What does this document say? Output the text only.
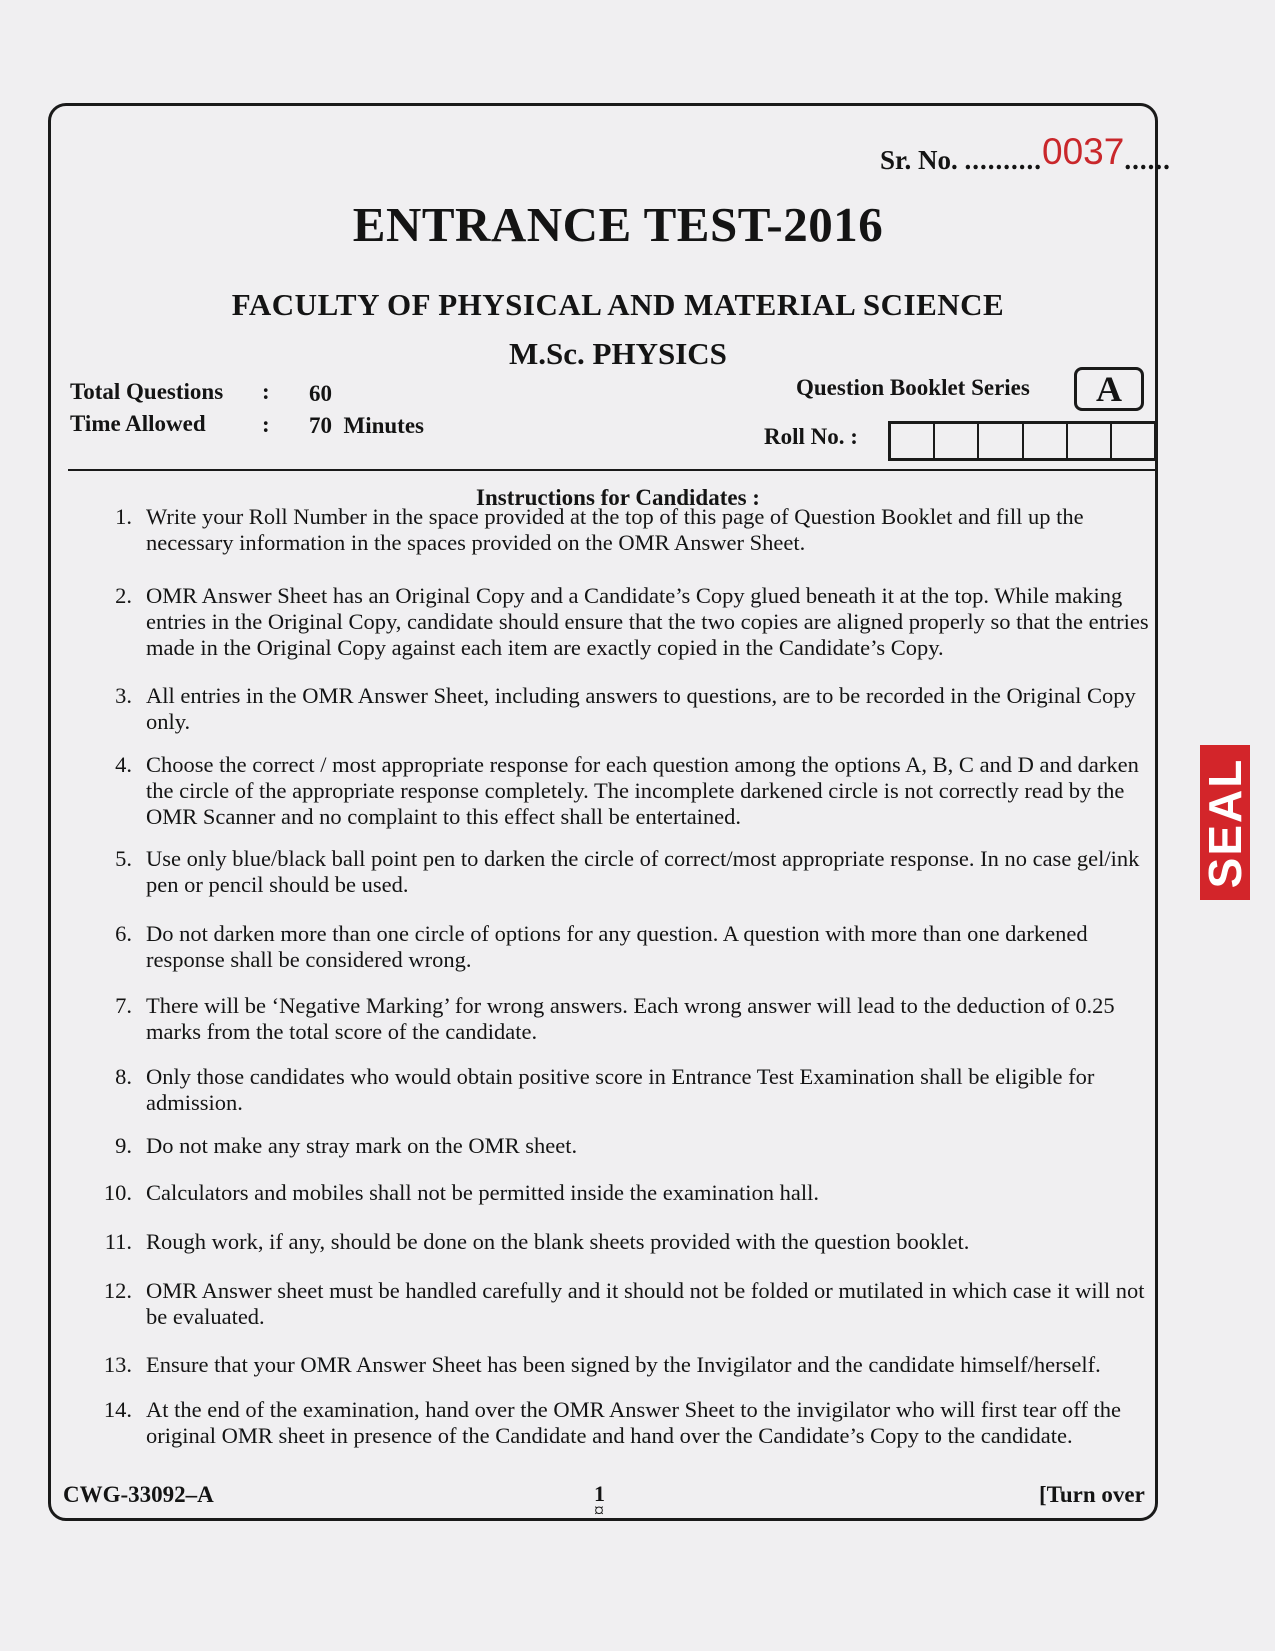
Sr. No. ..........0037......
ENTRANCE TEST-2016
FACULTY OF PHYSICAL AND MATERIAL SCIENCE
M.Sc. PHYSICS
Total Questions : 60
Time Allowed : 70  Minutes
Question Booklet Series	A
Roll No. :
Instructions for Candidates :
1. Write your Roll Number in the space provided at the top of this page of Question Booklet and fill up the necessary information in the spaces provided on the OMR Answer Sheet.
2. OMR Answer Sheet has an Original Copy and a Candidate’s Copy glued beneath it at the top. While making entries in the Original Copy, candidate should ensure that the two copies are aligned properly so that the entries made in the Original Copy against each item are exactly copied in the Candidate’s Copy.
3. All entries in the OMR Answer Sheet, including answers to questions, are to be recorded in the Original Copy only.
4. Choose the correct / most appropriate response for each question among the options A, B, C and D and darken the circle of the appropriate response completely. The incomplete darkened circle is not correctly read by the OMR Scanner and no complaint to this effect shall be entertained.
5. Use only blue/black ball point pen to darken the circle of correct/most appropriate response. In no case gel/ink pen or pencil should be used.
6. Do not darken more than one circle of options for any question. A question with more than one darkened response shall be considered wrong.
7. There will be ‘Negative Marking’ for wrong answers. Each wrong answer will lead to the deduction of 0.25 marks from the total score of the candidate.
8. Only those candidates who would obtain positive score in Entrance Test Examination shall be eligible for admission.
9. Do not make any stray mark on the OMR sheet.
10. Calculators and mobiles shall not be permitted inside the examination hall.
11. Rough work, if any, should be done on the blank sheets provided with the question booklet.
12. OMR Answer sheet must be handled carefully and it should not be folded or mutilated in which case it will not be evaluated.
13. Ensure that your OMR Answer Sheet has been signed by the Invigilator and the candidate himself/herself.
14. At the end of the examination, hand over the OMR Answer Sheet to the invigilator who will first tear off the original OMR sheet in presence of the Candidate and hand over the Candidate’s Copy to the candidate.
CWG-33092–A	1
¤
[Turn over
SEAL
